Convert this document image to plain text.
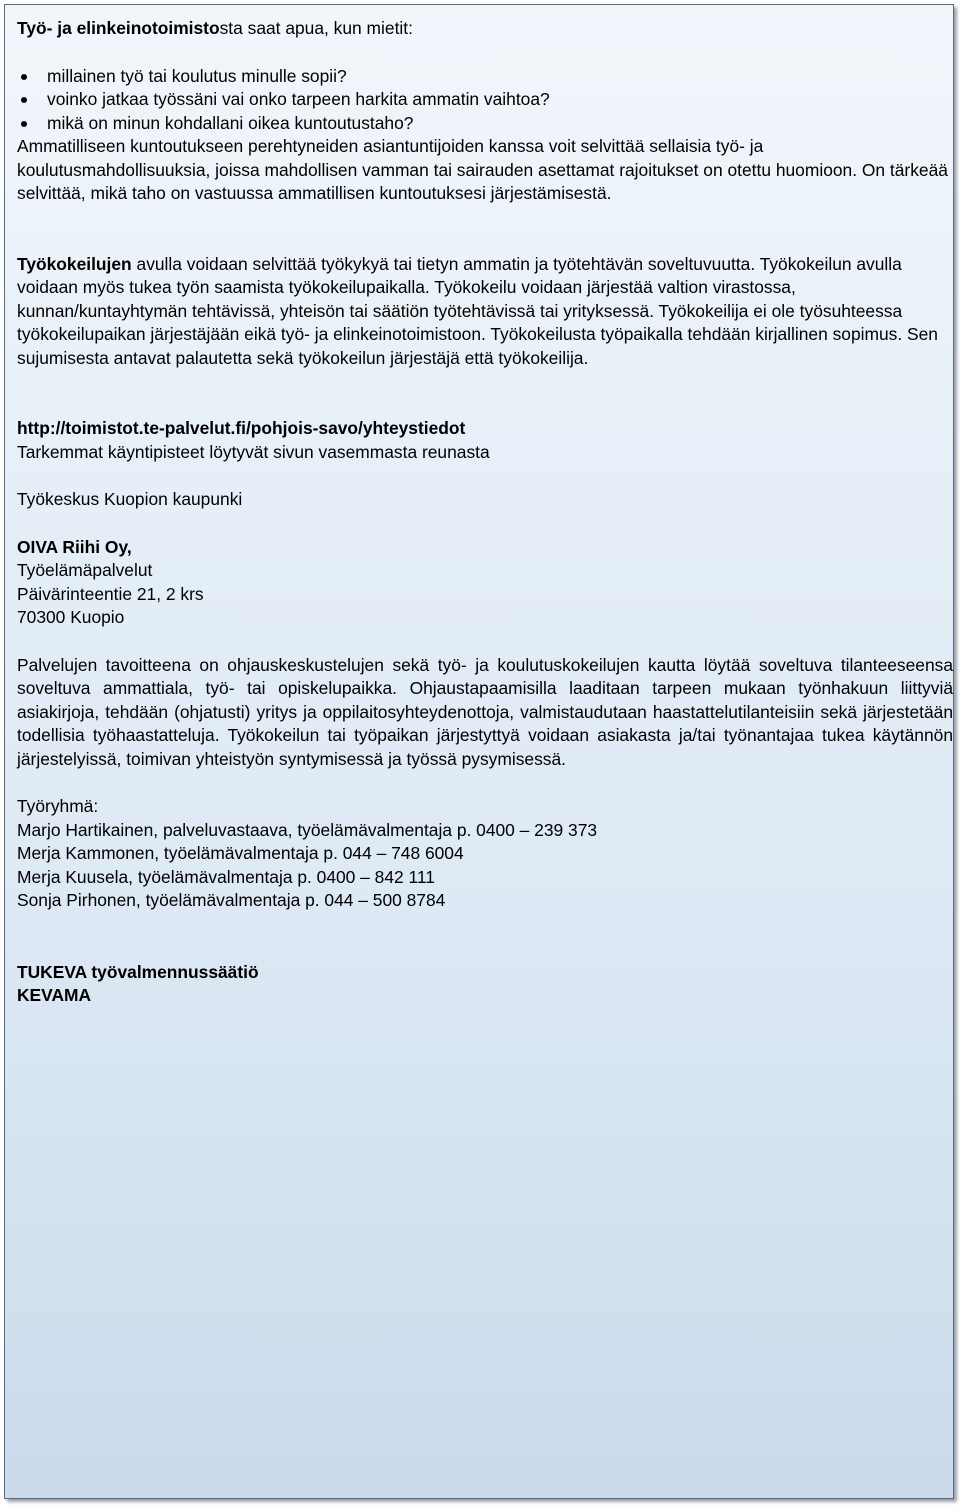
Työ- ja elinkeinotoimistosta saat apua, kun mietit:

millainen työ tai koulutus minulle sopii?
voinko jatkaa työssäni vai onko tarpeen harkita ammatin vaihtoa?
mikä on minun kohdallani oikea kuntoutustaho?

Ammatilliseen kuntoutukseen perehtyneiden asiantuntijoiden kanssa voit selvittää sellaisia työ- ja koulutusmahdollisuuksia, joissa mahdollisen vamman tai sairauden asettamat rajoitukset on otettu huomioon. On tärkeää selvittää, mikä taho on vastuussa ammatillisen kuntoutuksesi järjestämisestä.

Työkokeilujen avulla voidaan selvittää työkykyä tai tietyn ammatin ja työtehtävän soveltuvuutta. Työkokeilun avulla voidaan myös tukea työn saamista työkokeilupaikalla. Työkokeilu voidaan järjestää valtion virastossa, kunnan/kuntayhtymän tehtävissä, yhteisön tai säätiön työtehtävissä tai yrityksessä. Työkokeilija ei ole työsuhteessa työkokeilupaikan järjestäjään eikä työ- ja elinkeinotoimistoon. Työkokeilusta työpaikalla tehdään kirjallinen sopimus. Sen sujumisesta antavat palautetta sekä työkokeilun järjestäjä että työkokeilija.

http://toimistot.te-palvelut.fi/pohjois-savo/yhteystiedot

Tarkemmat käyntipisteet löytyvät sivun vasemmasta reunasta

Työkeskus Kuopion kaupunki

OIVA Riihi Oy,

Työelämäpalvelut

Päivärinteentie 21, 2 krs

70300 Kuopio

Palvelujen tavoitteena on ohjauskeskustelujen sekä työ- ja koulutuskokeilujen kautta löytää soveltuva tilanteeseensa soveltuva ammattiala, työ- tai opiskelupaikka. Ohjaustapaamisilla laaditaan tarpeen mukaan työnhakuun liittyviä asiakirjoja, tehdään (ohjatusti) yritys ja oppilaitosyhteydenottoja, valmistaudutaan haastattelutilanteisiin sekä järjestetään todellisia työhaastatteluja. Työkokeilun tai työpaikan järjestyttyä voidaan asiakasta ja/tai työnantajaa tukea käytännön järjestelyissä, toimivan yhteistyön syntymisessä ja työssä pysymisessä.

Työryhmä:

Marjo Hartikainen, palveluvastaava, työelämävalmentaja p. 0400 – 239 373

Merja Kammonen, työelämävalmentaja p. 044 – 748 6004

Merja Kuusela, työelämävalmentaja p. 0400 – 842 111

Sonja Pirhonen, työelämävalmentaja p. 044 – 500 8784

TUKEVA työvalmennussäätiö

KEVAMA
